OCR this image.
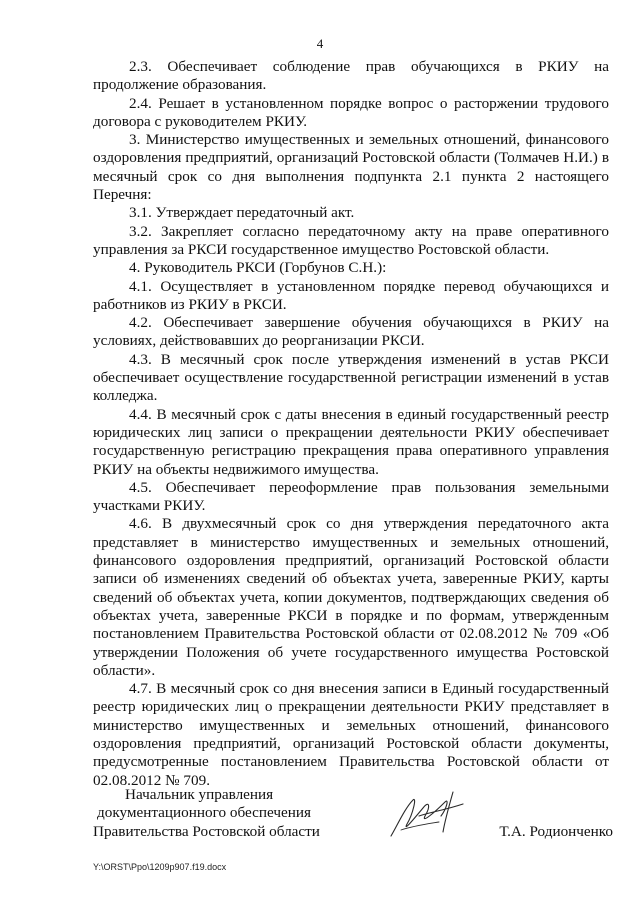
4

2.3. Обеспечивает соблюдение прав обучающихся в РКИУ на продолжение образования.

2.4. Решает в установленном порядке вопрос о расторжении трудового договора с руководителем РКИУ.

3. Министерство имущественных и земельных отношений, финансового оздоровления предприятий, организаций Ростовской области (Толмачев Н.И.) в месячный срок со дня выполнения подпункта 2.1 пункта 2 настоящего Перечня:

3.1. Утверждает передаточный акт.

3.2. Закрепляет согласно передаточному акту на праве оперативного управления за РКСИ государственное имущество Ростовской области.

4. Руководитель РКСИ (Горбунов С.Н.):

4.1. Осуществляет в установленном порядке перевод обучающихся и работников из РКИУ в РКСИ.

4.2. Обеспечивает завершение обучения обучающихся в РКИУ на условиях, действовавших до реорганизации РКСИ.

4.3. В месячный срок после утверждения изменений в устав РКСИ обеспечивает осуществление государственной регистрации изменений в устав колледжа.

4.4. В месячный срок с даты внесения в единый государственный реестр юридических лиц записи о прекращении деятельности РКИУ обеспечивает государственную регистрацию прекращения права оперативного управления РКИУ на объекты недвижимого имущества.

4.5. Обеспечивает переоформление прав пользования земельными участками РКИУ.

4.6. В двухмесячный срок со дня утверждения передаточного акта представляет в министерство имущественных и земельных отношений, финансового оздоровления предприятий, организаций Ростовской области записи об изменениях сведений об объектах учета, заверенные РКИУ, карты сведений об объектах учета, копии документов, подтверждающих сведения об объектах учета, заверенные РКСИ в порядке и по формам, утвержденным постановлением Правительства Ростовской области от 02.08.2012 № 709 «Об утверждении Положения об учете государственного имущества Ростовской области».

4.7. В месячный срок со дня внесения записи в Единый государственный реестр юридических лиц о прекращении деятельности РКИУ представляет в министерство имущественных и земельных отношений, финансового оздоровления предприятий, организаций Ростовской области документы, предусмотренные постановлением Правительства Ростовской области от 02.08.2012 № 709.

Начальник управления
документационного обеспечения
Правительства Ростовской области	Т.А. Родионченко
Y:\ORST\Ppo\1209p907.f19.docx
